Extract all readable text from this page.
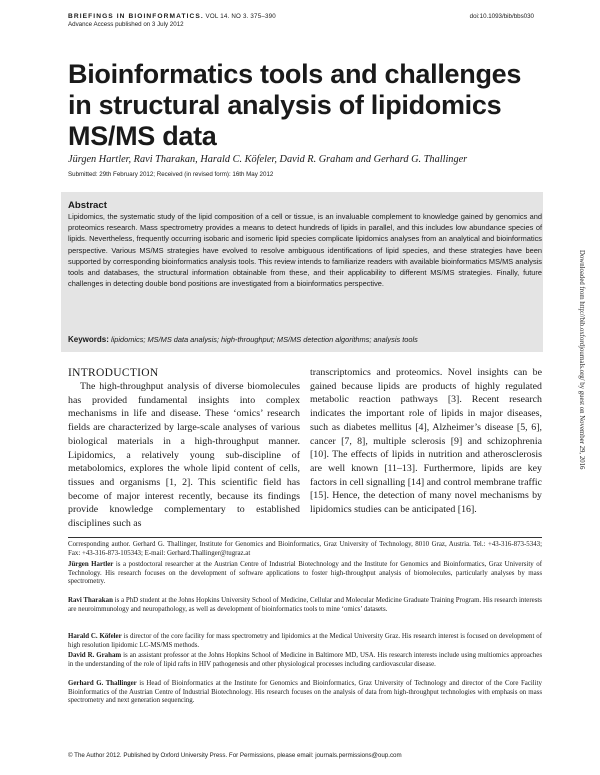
BRIEFINGS IN BIOINFORMATICS. VOL 14. NO 3. 375–390
Advance Access published on 3 July 2012
doi:10.1093/bib/bbs030
Bioinformatics tools and challenges in structural analysis of lipidomics MS/MS data
Jürgen Hartler, Ravi Tharakan, Harald C. Köfeler, David R. Graham and Gerhard G. Thallinger
Submitted: 29th February 2012; Received (in revised form): 16th May 2012
Abstract

Lipidomics, the systematic study of the lipid composition of a cell or tissue, is an invaluable complement to knowledge gained by genomics and proteomics research. Mass spectrometry provides a means to detect hundreds of lipids in parallel, and this includes low abundance species of lipids. Nevertheless, frequently occurring isobaric and isomeric lipid species complicate lipidomics analyses from an analytical and bioinformatics perspective. Various MS/MS strategies have evolved to resolve ambiguous identifications of lipid species, and these strategies have been supported by corresponding bioinformatics analysis tools. This review intends to familiarize readers with available bioinformatics MS/MS analysis tools and databases, the structural information obtainable from these, and their applicability to different MS/MS strategies. Finally, future challenges in detecting double bond positions are investigated from a bioinformatics perspective.

Keywords: lipidomics; MS/MS data analysis; high-throughput; MS/MS detection algorithms; analysis tools
INTRODUCTION

The high-throughput analysis of diverse biomolecules has provided fundamental insights into complex mechanisms in life and disease. These ‘omics’ research fields are characterized by large-scale analyses of various biological materials in a high-throughput manner. Lipidomics, a relatively young sub-discipline of metabolomics, explores the whole lipid content of cells, tissues and organisms [1, 2]. This scientific field has become of major interest recently, because its findings provide knowledge complementary to established disciplines such as

transcriptomics and proteomics. Novel insights can be gained because lipids are products of highly regulated metabolic reaction pathways [3]. Recent research indicates the important role of lipids in major diseases, such as diabetes mellitus [4], Alzheimer’s disease [5, 6], cancer [7, 8], multiple sclerosis [9] and schizophrenia [10]. The effects of lipids in nutrition and atherosclerosis are well known [11–13]. Furthermore, lipids are key factors in cell signalling [14] and control membrane traffic [15]. Hence, the detection of many novel mechanisms by lipidomics studies can be anticipated [16].

Corresponding author. Gerhard G. Thallinger, Institute for Genomics and Bioinformatics, Graz University of Technology, 8010 Graz, Austria. Tel.: +43-316-873-5343; Fax: +43-316-873-105343; E-mail: Gerhard.Thallinger@tugraz.at

Jürgen Hartler is a postdoctoral researcher at the Austrian Centre of Industrial Biotechnology and the Institute for Genomics and Bioinformatics, Graz University of Technology. His research focuses on the development of software applications to foster high-throughput analysis of biomolecules, particularly analyses by mass spectrometry.

Ravi Tharakan is a PhD student at the Johns Hopkins University School of Medicine, Cellular and Molecular Medicine Graduate Training Program. His research interests are neuroimmunology and neuropathology, as well as development of bioinformatics tools to mine ‘omics’ datasets.

Harald C. Köfeler is director of the core facility for mass spectrometry and lipidomics at the Medical University Graz. His research interest is focused on development of high resolution lipidomic LC-MS/MS methods.

David R. Graham is an assistant professor at the Johns Hopkins School of Medicine in Baltimore MD, USA. His research interests include using multiomics approaches in the understanding of the role of lipid rafts in HIV pathogenesis and other physiological processes including cardiovascular disease.

Gerhard G. Thallinger is Head of Bioinformatics at the Institute for Genomics and Bioinformatics, Graz University of Technology and director of the Core Facility Bioinformatics of the Austrian Centre of Industrial Biotechnology. His research focuses on the analysis of data from high-throughput technologies with emphasis on mass spectrometry and next generation sequencing.

© The Author 2012. Published by Oxford University Press. For Permissions, please email: journals.permissions@oup.com
Downloaded from http://bib.oxfordjournals.org/ by guest on November 29, 2016
